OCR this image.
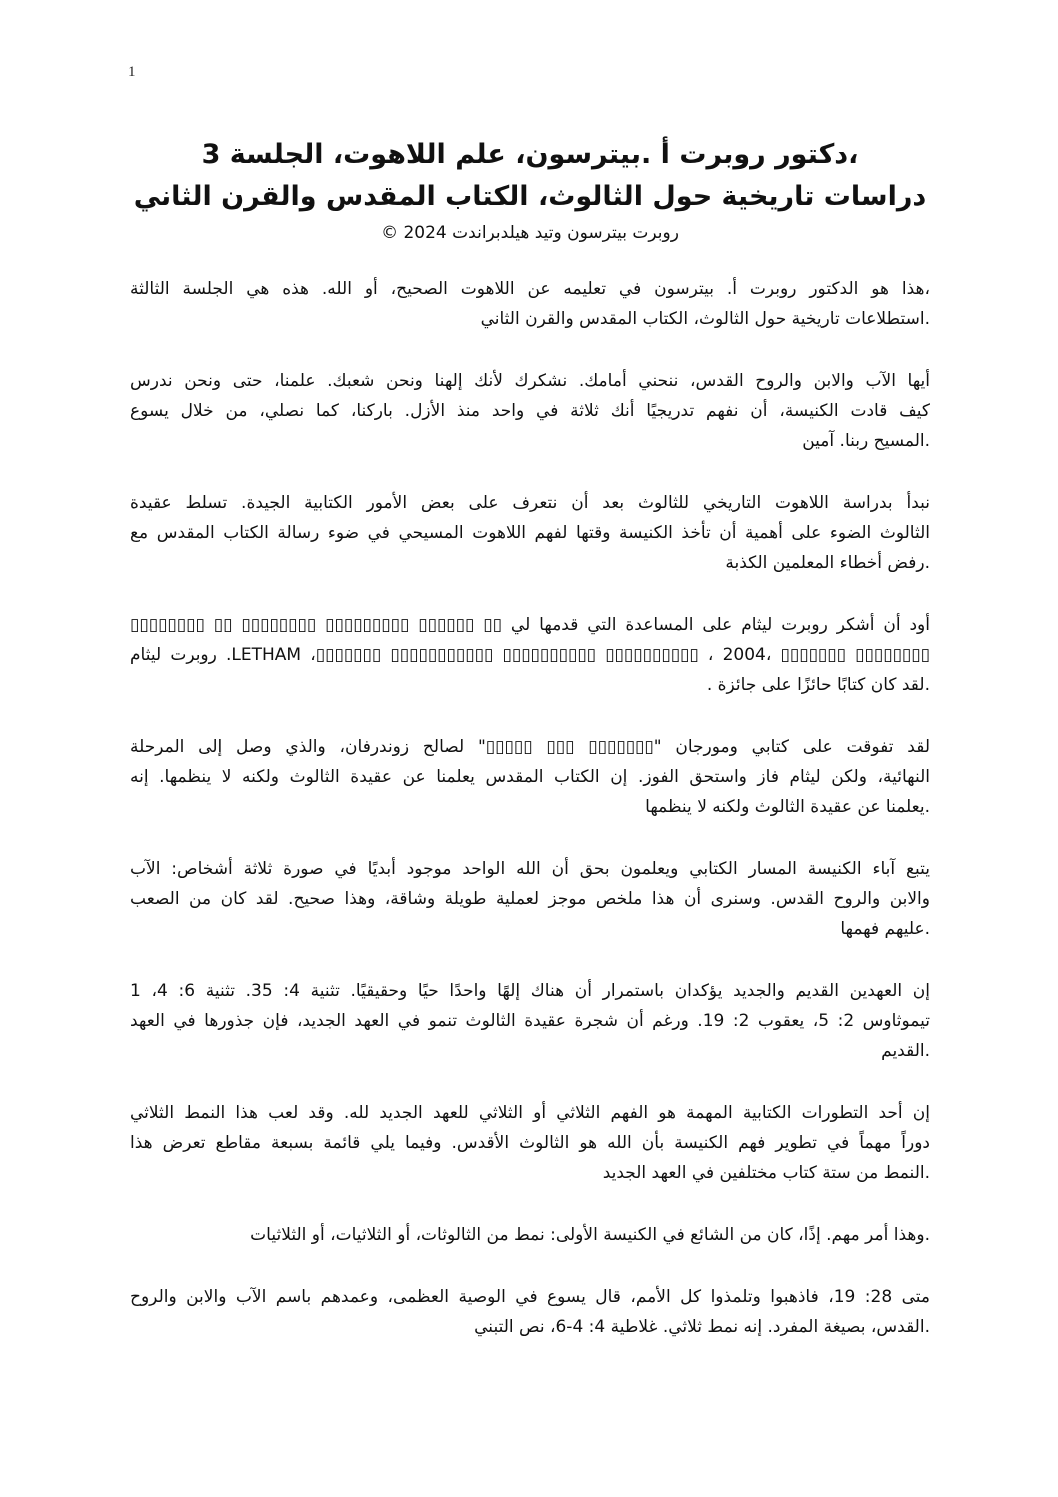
1
،دكتور روبرت أ .بيترسون، علم اللاهوت، الجلسة 3
دراسات تاريخية حول الثالوث، الكتاب المقدس والقرن الثاني
روبرت بيترسون وتيد هيلدبراندت 2024 ©

،هذا هو الدكتور روبرت أ. بيترسون في تعليمه عن اللاهوت الصحيح، أو الله. هذه هي الجلسة الثالثة
.استطلاعات تاريخية حول الثالوث، الكتاب المقدس والقرن الثاني

أيها الآب والابن والروح القدس، ننحني أمامك. نشكرك لأنك إلهنا ونحن شعبك. علمنا، حتى ونحن ندرس
كيف قادت الكنيسة، أن نفهم تدريجيًا أنك ثلاثة في واحد منذ الأزل. باركنا، كما نصلي، من خلال يسوع
.المسيح ربنا. آمين

نبدأ بدراسة اللاهوت التاريخي للثالوث بعد أن نتعرف على بعض الأمور الكتابية الجيدة. تسلط عقيدة
الثالوث الضوء على أهمية أن تأخذ الكنيسة وقتها لفهم اللاهوت المسيحي في ضوء رسالة الكتاب المقدس مع
.رفض أخطاء المعلمين الكذبة

أود أن أشكر روبرت ليثام على المساعدة التي قدمها لي ▯▯ ▯▯▯▯▯▯ ▯▯▯▯▯▯▯▯▯ ▯▯▯▯▯▯▯▯ ▯▯ ▯▯▯▯▯▯▯▯
▯▯▯▯▯▯▯▯ ▯▯▯▯▯▯▯ ،LETHAM ،▯▯▯▯▯▯▯ ▯▯▯▯▯▯▯▯▯▯▯ ▯▯▯▯▯▯▯▯▯▯ ▯▯▯▯▯▯▯▯▯▯ ، 2004. روبرت ليثام
.لقد كان كتابًا حائزًا على جائزة .

لقد تفوقت على كتابي ومورجان "▯▯▯▯▯▯▯ ▯▯▯ ▯▯▯▯▯" لصالح زوندرفان، والذي وصل إلى المرحلة
النهائية، ولكن ليثام فاز واستحق الفوز. إن الكتاب المقدس يعلمنا عن عقيدة الثالوث ولكنه لا ينظمها. إنه
.يعلمنا عن عقيدة الثالوث ولكنه لا ينظمها

يتبع آباء الكنيسة المسار الكتابي ويعلمون بحق أن الله الواحد موجود أبديًا في صورة ثلاثة أشخاص: الآب
والابن والروح القدس. وسنرى أن هذا ملخص موجز لعملية طويلة وشاقة، وهذا صحيح. لقد كان من الصعب
.عليهم فهمها

إن العهدين القديم والجديد يؤكدان باستمرار أن هناك إلهًا واحدًا حيًا وحقيقيًا. تثنية 4: 35. تثنية 6: 4، 1
تيموثاوس 2: 5، يعقوب 2: 19. ورغم أن شجرة عقيدة الثالوث تنمو في العهد الجديد، فإن جذورها في العهد
.القديم

إن أحد التطورات الكتابية المهمة هو الفهم الثلاثي أو الثلاثي للعهد الجديد لله. وقد لعب هذا النمط الثلاثي
دوراً مهماً في تطوير فهم الكنيسة بأن الله هو الثالوث الأقدس. وفيما يلي قائمة بسبعة مقاطع تعرض هذا
.النمط من ستة كتاب مختلفين في العهد الجديد

.وهذا أمر مهم. إذًا، كان من الشائع في الكنيسة الأولى: نمط من الثالوثات، أو الثلاثيات، أو الثلاثيات

متى 28: 19، فاذهبوا وتلمذوا كل الأمم، قال يسوع في الوصية العظمى، وعمدهم باسم الآب والابن والروح
.القدس، بصيغة المفرد. إنه نمط ثلاثي. غلاطية 4: 4-6، نص التبني
